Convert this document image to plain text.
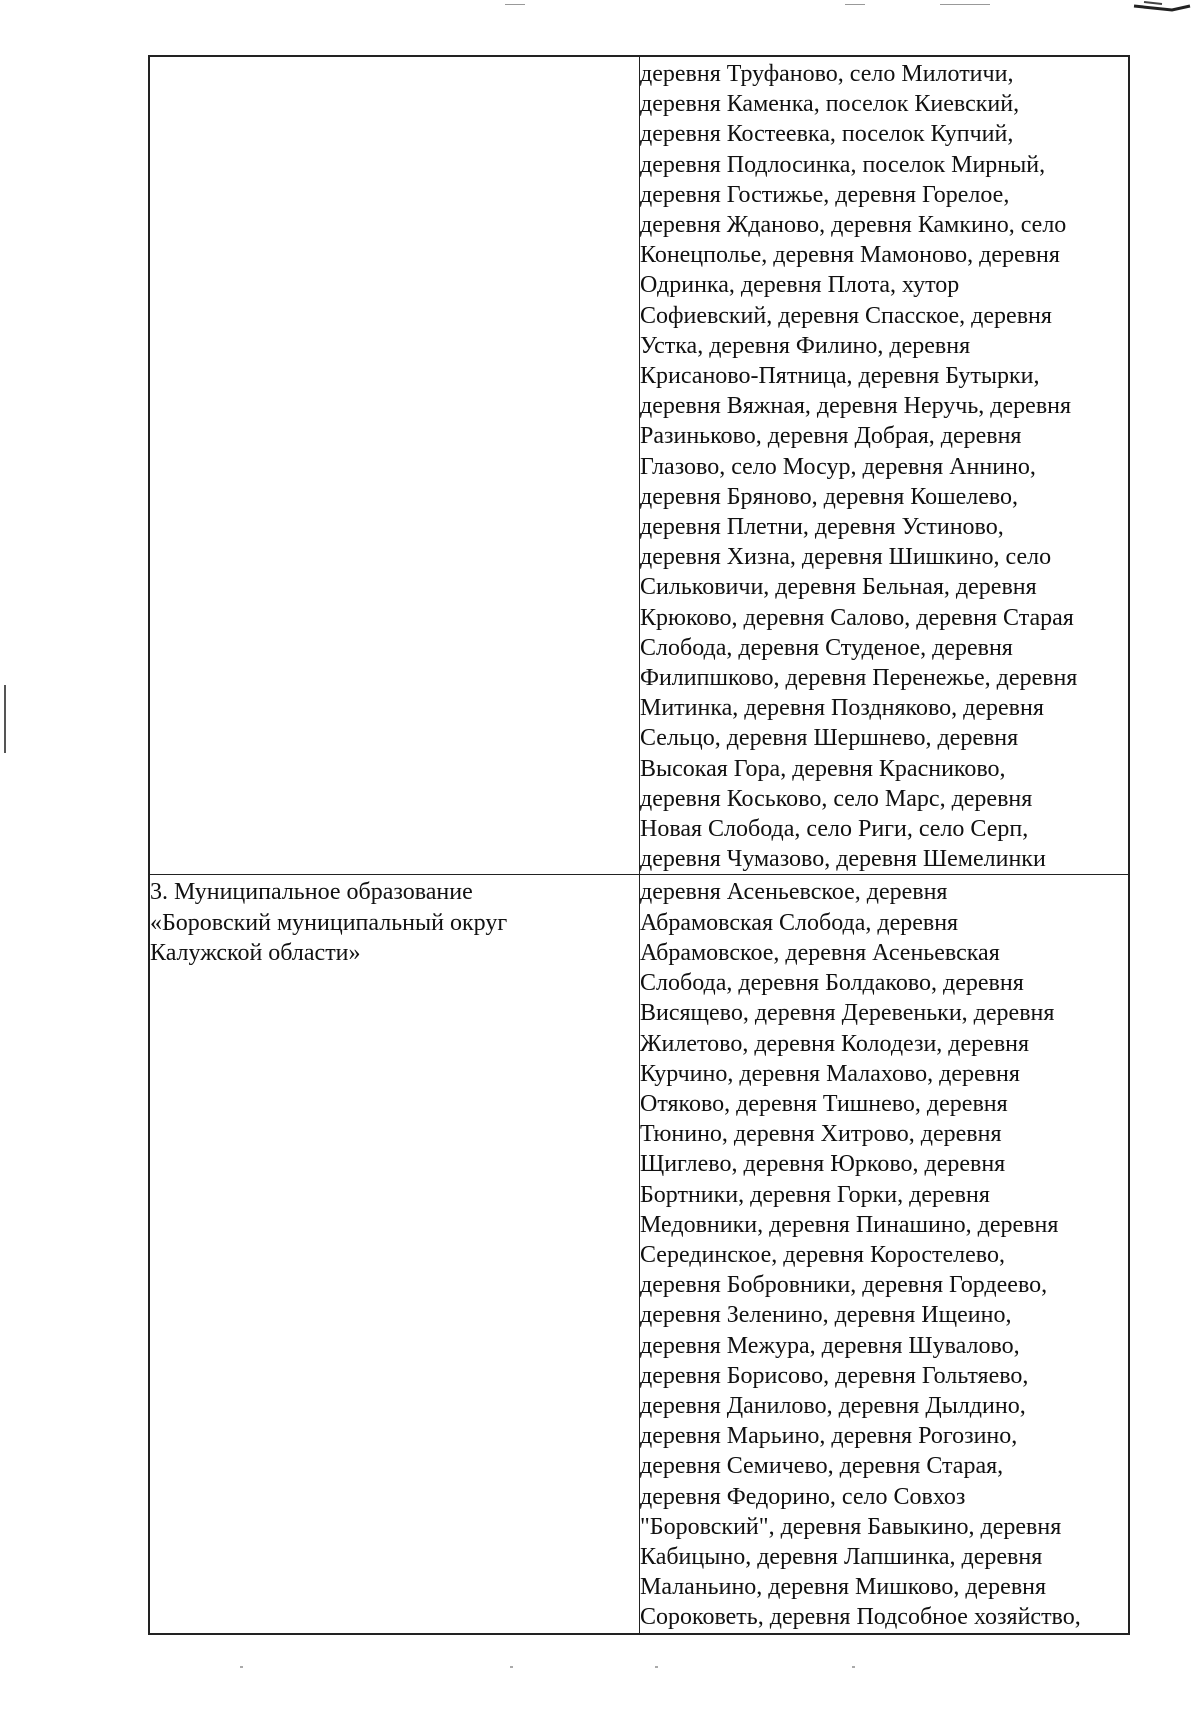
деревня Труфаново, село Милотичи,
деревня Каменка, поселок Киевский,
деревня Костеевка, поселок Купчий,
деревня Подлосинка, поселок Мирный,
деревня Гостижье, деревня Горелое,
деревня Жданово, деревня Камкино, село
Конецполье, деревня Мамоново, деревня
Одринка, деревня Плота, хутор
Софиевский, деревня Спасское, деревня
Устка, деревня Филино, деревня
Крисаново-Пятница, деревня Бутырки,
деревня Вяжная, деревня Неручь, деревня
Разиньково, деревня Добрая, деревня
Глазово, село Мосур, деревня Аннино,
деревня Бряново, деревня Кошелево,
деревня Плетни, деревня Устиново,
деревня Хизна, деревня Шишкино, село
Сильковичи, деревня Бельная, деревня
Крюково, деревня Салово, деревня Старая
Слобода, деревня Студеное, деревня
Филипшково, деревня Перенежье, деревня
Митинка, деревня Поздняково, деревня
Сельцо, деревня Шершнево, деревня
Высокая Гора, деревня Красниково,
деревня Коськово, село Марс, деревня
Новая Слобода, село Риги, село Серп,
деревня Чумазово, деревня Шемелинки
3. Муниципальное образование
«Боровский муниципальный округ
Калужской области»
деревня Асеньевское, деревня
Абрамовская Слобода, деревня
Абрамовское, деревня Асеньевская
Слобода, деревня Болдаково, деревня
Висящево, деревня Деревеньки, деревня
Жилетово, деревня Колодези, деревня
Курчино, деревня Малахово, деревня
Отяково, деревня Тишнево, деревня
Тюнино, деревня Хитрово, деревня
Щиглево, деревня Юрково, деревня
Бортники, деревня Горки, деревня
Медовники, деревня Пинашино, деревня
Серединское, деревня Коростелево,
деревня Бобровники, деревня Гордеево,
деревня Зеленино, деревня Ищеино,
деревня Межура, деревня Шувалово,
деревня Борисово, деревня Гольтяево,
деревня Данилово, деревня Дылдино,
деревня Марьино, деревня Рогозино,
деревня Семичево, деревня Старая,
деревня Федорино, село Совхоз
"Боровский", деревня Бавыкино, деревня
Кабицыно, деревня Лапшинка, деревня
Маланьино, деревня Мишково, деревня
Сороковеть, деревня Подсобное хозяйство,
